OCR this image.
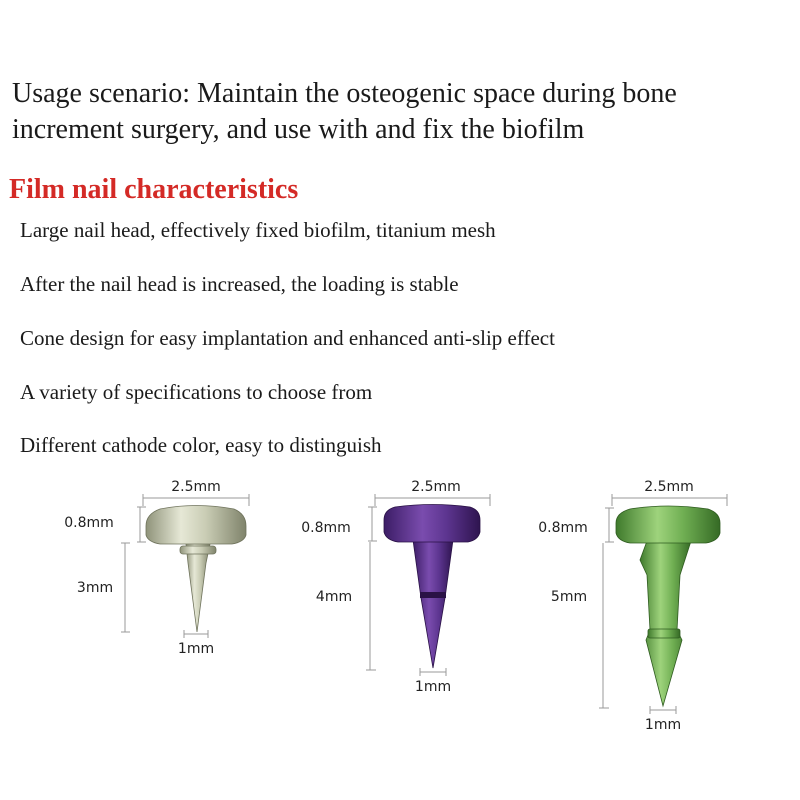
Usage scenario: Maintain the osteogenic space during bone
increment surgery, and use with and fix the biofilm

Film nail characteristics

Large nail head, effectively fixed biofilm, titanium mesh

After the nail head is increased, the loading is stable

Cone design for easy implantation and enhanced anti-slip effect

A variety of specifications to choose from

Different cathode color, easy to distinguish

2.5mm
0.8mm
3mm
1mm
2.5mm
0.8mm
4mm
1mm
2.5mm
0.8mm
5mm
1mm
